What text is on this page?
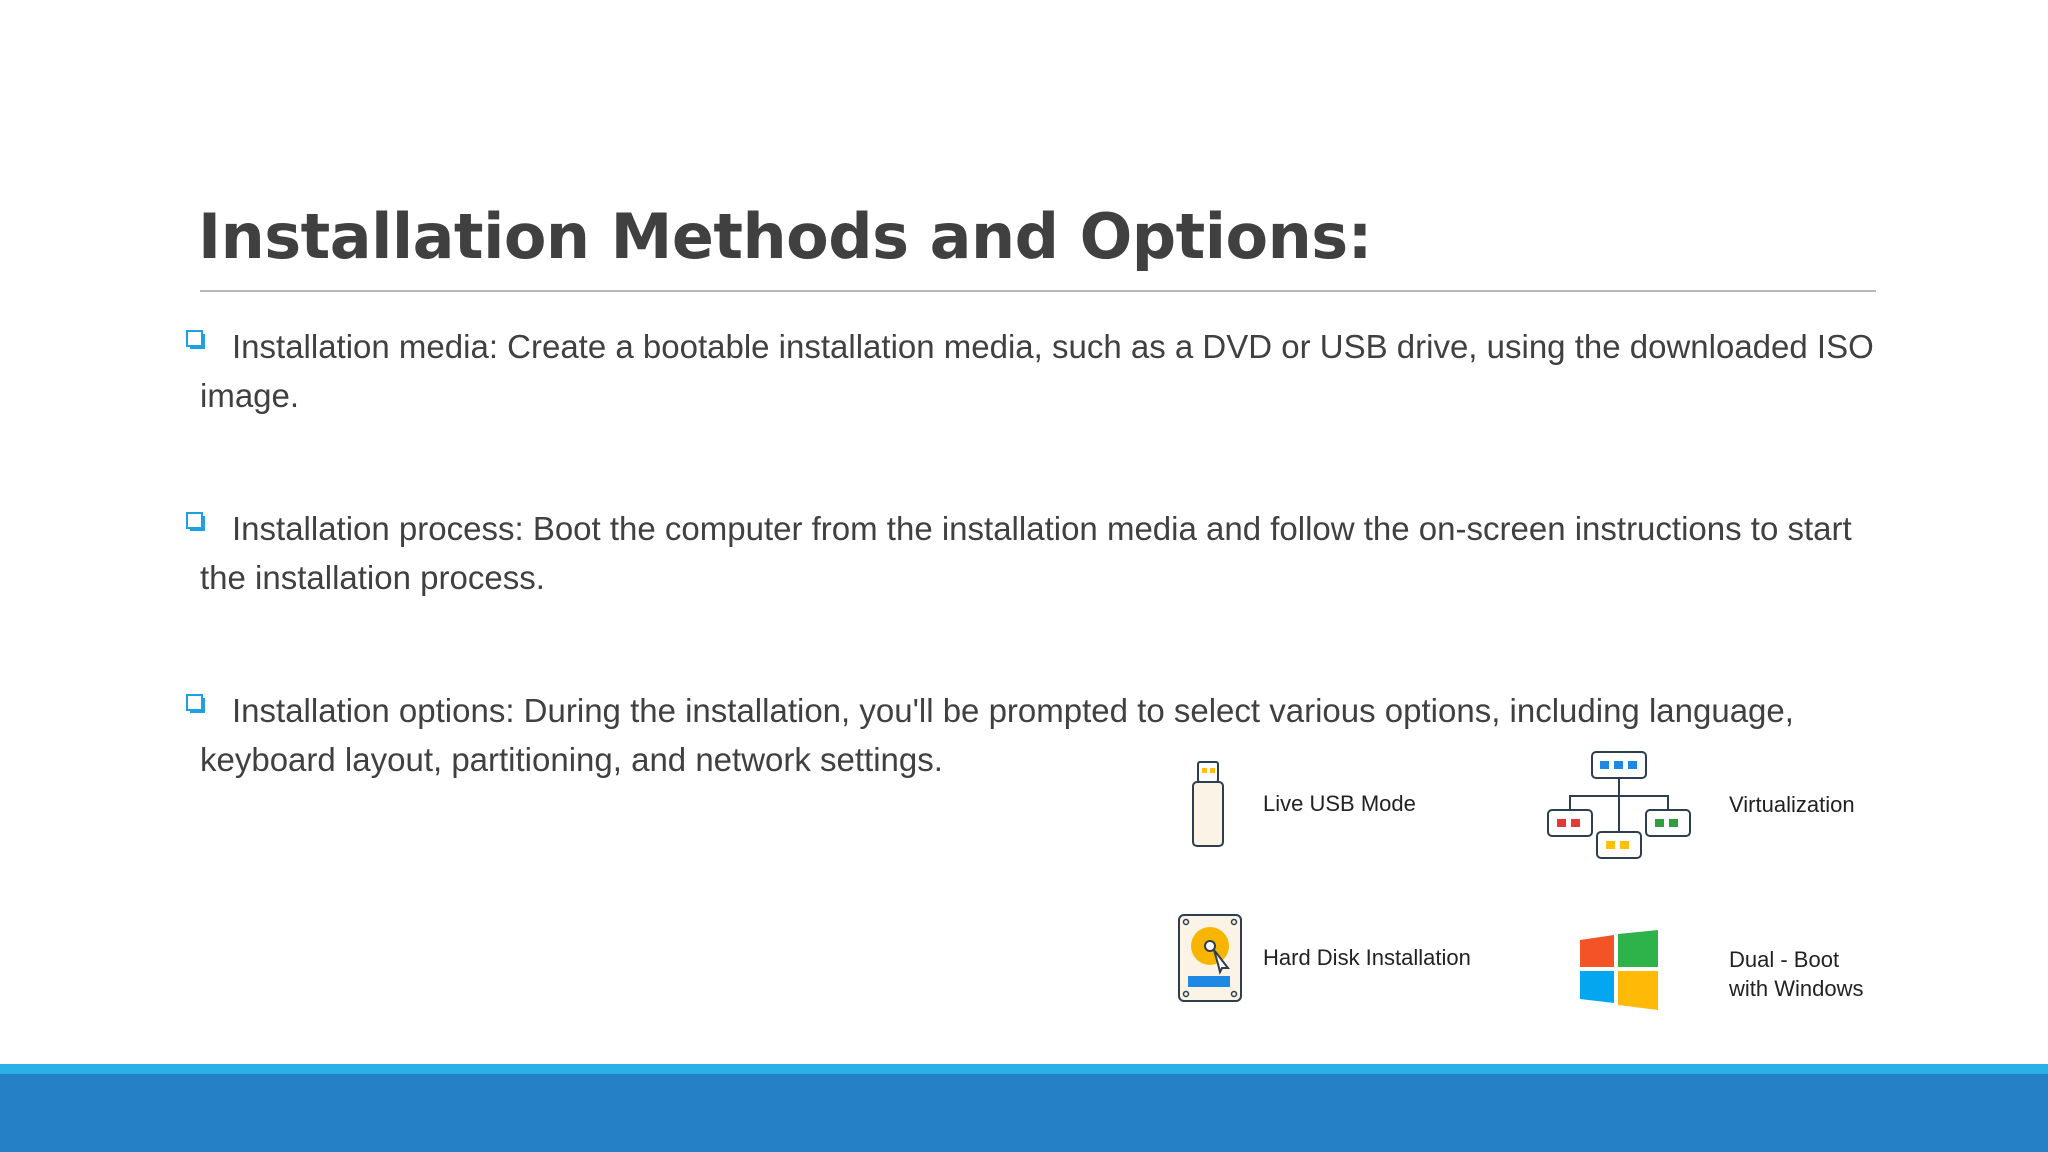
Installation Methods and Options:

Installation media: Create a bootable installation media, such as a DVD or USB drive, using the downloaded ISO image.

Installation process: Boot the computer from the installation media and follow the on-screen instructions to start the installation process.

Installation options: During the installation, you'll be prompted to select various options, including language, keyboard layout, partitioning, and network settings.

Live USB Mode	Virtualization
Hard Disk Installation	Dual - Boot
with Windows
